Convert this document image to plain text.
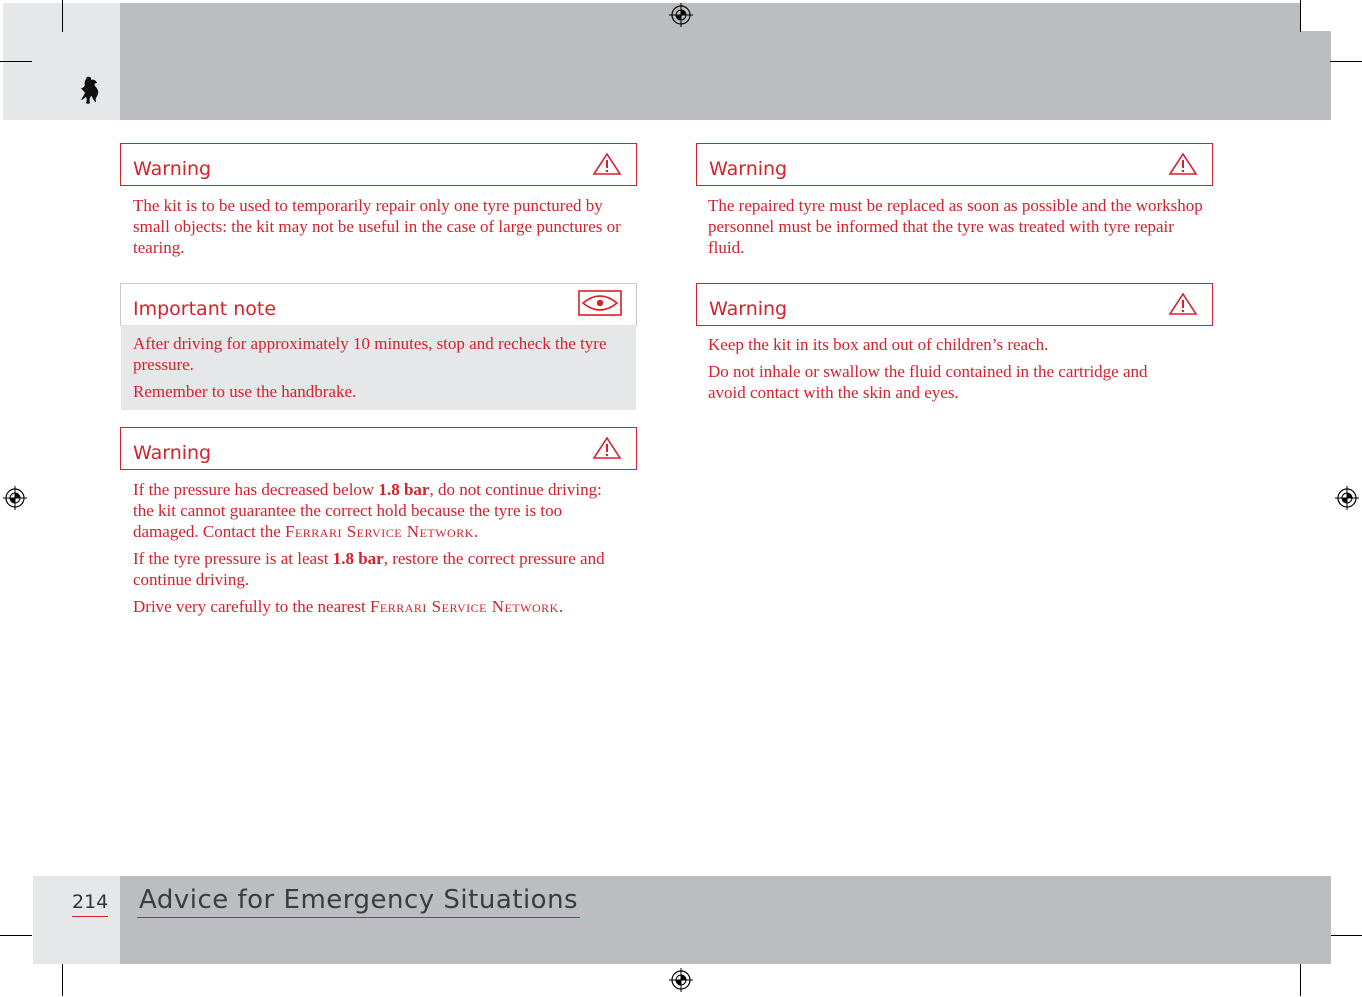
Warning

The kit is to be used to temporarily repair only one tyre punctured by small objects: the kit may not be useful in the case of large punctures or tearing.

Important note

After driving for approximately 10 minutes, stop and recheck the tyre pressure.

Remember to use the handbrake.

Warning

If the pressure has decreased below 1.8 bar, do not continue driving: the kit cannot guarantee the correct hold because the tyre is too damaged. Contact the Ferrari Service Network.

If the tyre pressure is at least 1.8 bar, restore the correct pressure and continue driving.

Drive very carefully to the nearest Ferrari Service Network.

Warning

The repaired tyre must be replaced as soon as possible and the workshop personnel must be informed that the tyre was treated with tyre repair fluid.

Warning

Keep the kit in its box and out of children’s reach.

Do not inhale or swallow the fluid contained in the cartridge and avoid contact with the skin and eyes.

214 Advice for Emergency Situations
